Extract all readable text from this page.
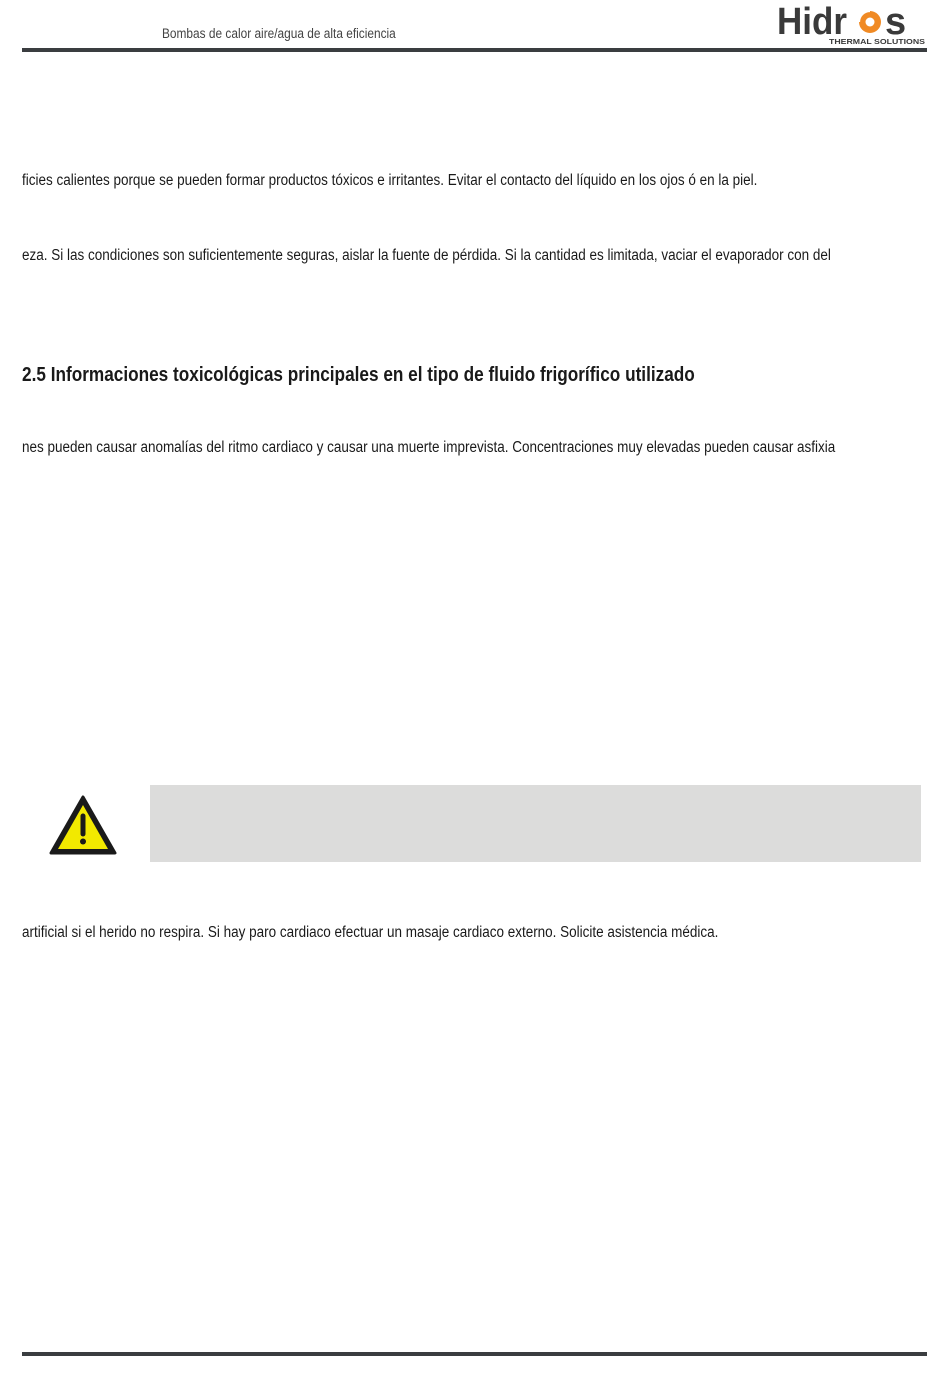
Bombas de calor aire/agua de alta eficiencia	Hidr s
THERMAL SOLUTIONS
ficies calientes porque se pueden formar productos tóxicos e irritantes. Evitar el contacto del líquido en los ojos ó en la piel.
eza. Si las condiciones son suficientemente seguras, aislar la fuente de pérdida. Si la cantidad es limitada, vaciar el evaporador con del
2.5 Informaciones toxicológicas principales en el tipo de fluido frigorífico utilizado
nes pueden causar anomalías del ritmo cardiaco y causar una muerte imprevista. Concentraciones muy elevadas pueden causar asfixia
artificial si el herido no respira. Si hay paro cardiaco efectuar un masaje cardiaco externo. Solicite asistencia médica.
